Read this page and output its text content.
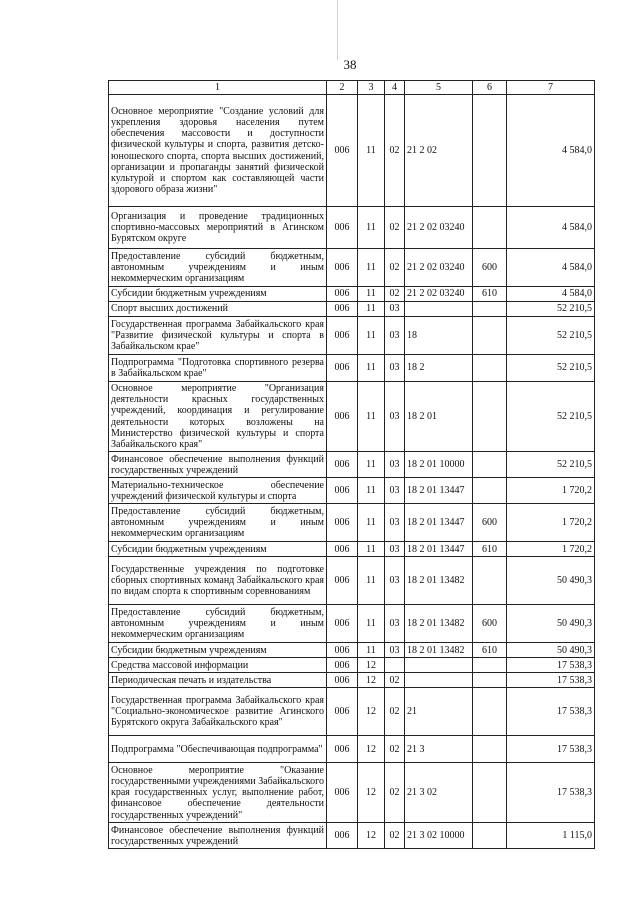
38
1	2	3	4	5	6	7
Основное мероприятие "Создание условий для укрепления здоровья населения путем обеспечения массовости и доступности физической культуры и спорта, развития детско-юношеского спорта, спорта высших достижений, организации и пропаганды занятий физической культурой и спортом как составляющей части здорового образа жизни"	006	11	02	21 2 02		4 584,0
Организация и проведение традиционных спортивно-массовых мероприятий в Агинском Бурятском округе	006	11	02	21 2 02 03240		4 584,0
Предоставление субсидий бюджетным, автономным учреждениям и иным некоммерческим организациям	006	11	02	21 2 02 03240	600	4 584,0
Субсидии бюджетным учреждениям	006	11	02	21 2 02 03240	610	4 584,0
Спорт высших достижений	006	11	03			52 210,5
Государственная программа Забайкальского края "Развитие физической культуры и спорта в Забайкальском крае"	006	11	03	18		52 210,5
Подпрограмма "Подготовка спортивного резерва в Забайкальском крае"	006	11	03	18 2		52 210,5
Основное мероприятие "Организация деятельности красных государственных учреждений, координация и регулирование деятельности которых возложены на Министерство физической культуры и спорта Забайкальского края"	006	11	03	18 2 01		52 210,5
Финансовое обеспечение выполнения функций государственных учреждений	006	11	03	18 2 01 10000		52 210,5
Материально-техническое обеспечение учреждений физической культуры и спорта	006	11	03	18 2 01 13447		1 720,2
Предоставление субсидий бюджетным, автономным учреждениям и иным некоммерческим организациям	006	11	03	18 2 01 13447	600	1 720,2
Субсидии бюджетным учреждениям	006	11	03	18 2 01 13447	610	1 720,2
Государственные учреждения по подготовке сборных спортивных команд Забайкальского края по видам спорта к спортивным соревнованиям	006	11	03	18 2 01 13482		50 490,3
Предоставление субсидий бюджетным, автономным учреждениям и иным некоммерческим организациям	006	11	03	18 2 01 13482	600	50 490,3
Субсидии бюджетным учреждениям	006	11	03	18 2 01 13482	610	50 490,3
Средства массовой информации	006	12				17 538,3
Периодическая печать и издательства	006	12	02			17 538,3
Государственная программа Забайкальского края "Социально-экономическое развитие Агинского Бурятского округа Забайкальского края"	006	12	02	21		17 538,3
Подпрограмма "Обеспечивающая подпрограмма"	006	12	02	21 3		17 538,3
Основное мероприятие "Оказание государственными учреждениями Забайкальского края государственных услуг, выполнение работ, финансовое обеспечение деятельности государственных учреждений"	006	12	02	21 3 02		17 538,3
Финансовое обеспечение выполнения функций государственных учреждений	006	12	02	21 3 02 10000		1 115,0
